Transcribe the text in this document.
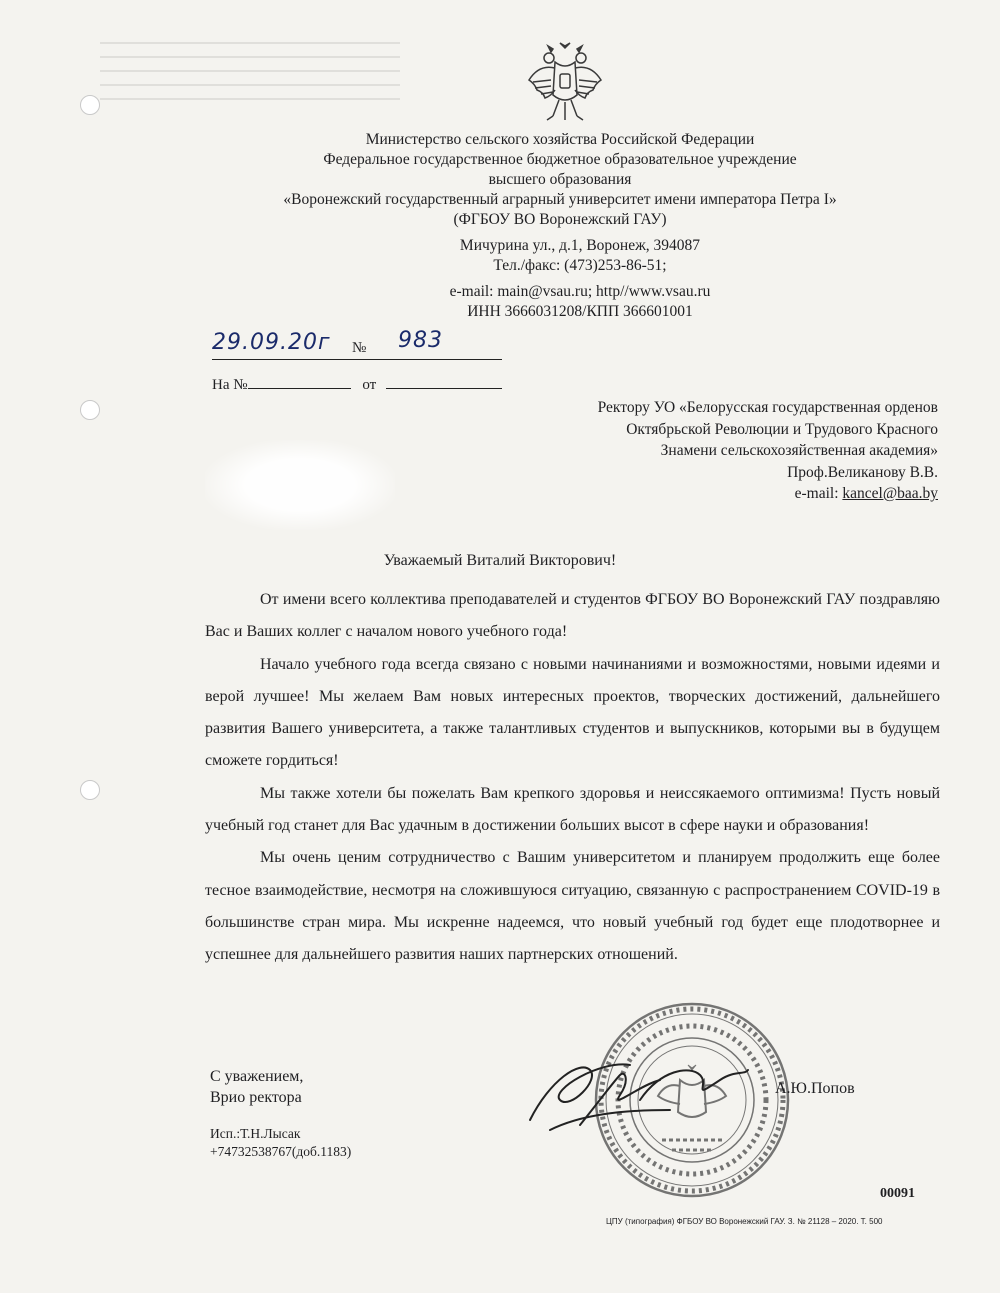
Министерство сельского хозяйства Российской Федерации
Федеральное государственное бюджетное образовательное учреждение
высшего образования
«Воронежский государственный аграрный университет имени императора Петра I»
(ФГБОУ ВО Воронежский ГАУ)
Мичурина ул., д.1, Воронеж, 394087
Тел./факс: (473)253-86-51;
e-mail: main@vsau.ru; http//www.vsau.ru
ИНН 3666031208/КПП 366601001
29.09.20г № 983
На №	от
Ректору УО «Белорусская государственная орденов
Октябрьской Революции и Трудового Красного
Знамени сельскохозяйственная академия»
Проф.Великанову В.В.
e-mail: kancel@baa.by
Уважаемый Виталий Викторович!

От имени всего коллектива преподавателей и студентов ФГБОУ ВО Воронежский ГАУ поздравляю Вас и Ваших коллег с началом нового учебного года!

Начало учебного года всегда связано с новыми начинаниями и возможностями, новыми идеями и верой лучшее! Мы желаем Вам новых интересных проектов, творческих достижений, дальнейшего развития Вашего университета, а также талантливых студентов и выпускников, которыми вы в будущем сможете гордиться!

Мы также хотели бы пожелать Вам крепкого здоровья и неиссякаемого оптимизма! Пусть новый учебный год станет для Вас удачным в достижении больших высот в сфере науки и образования!

Мы очень ценим сотрудничество с Вашим университетом и планируем продолжить еще более тесное взаимодействие, несмотря на сложившуюся ситуацию, связанную с распространением COVID-19 в большинстве стран мира. Мы искренне надеемся, что новый учебный год будет еще плодотворнее и успешнее для дальнейшего развития наших партнерских отношений.

С уважением,
Врио ректора
А.Ю.Попов
Исп.:Т.Н.Лысак
+74732538767(доб.1183)
00091
ЦПУ (типография) ФГБОУ ВО Воронежский ГАУ. З. № 21128 – 2020. Т. 500
